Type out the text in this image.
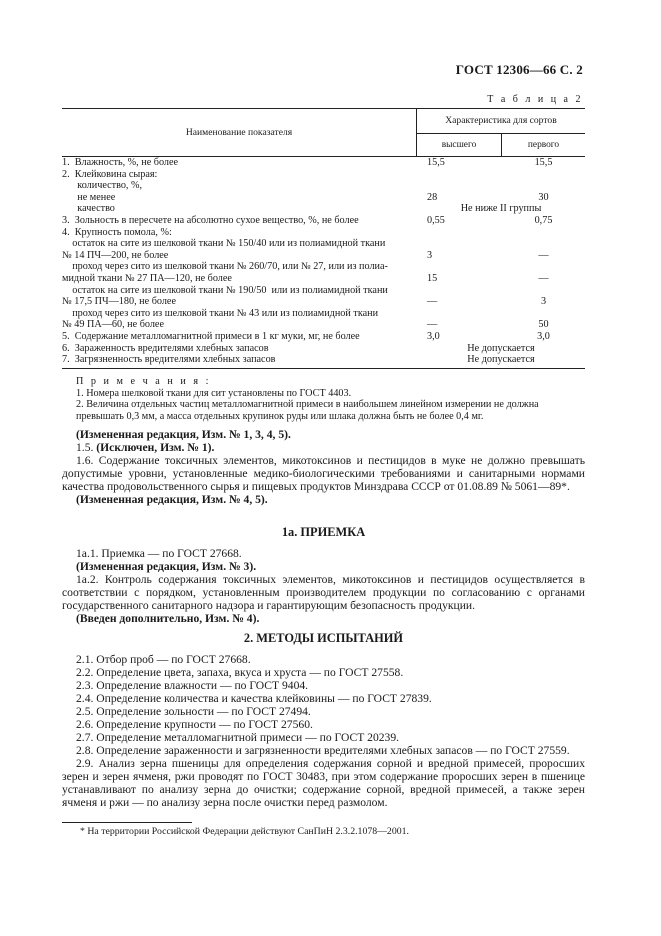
ГОСТ 12306—66 С. 2
Т а б л и ц а 2
Наименование показателя
Характеристика для сортов
высшего	первого
1.  Влажность, %, не более	15,5	15,5
2.  Клейковина сырая:
количество, %,
не менее	28	30
качество	Не ниже II группы
3.  Зольность в пересчете на абсолютно сухое вещество, %, не более	0,55	0,75
4.  Крупность помола, %:
остаток на сите из шелковой ткани № 150/40 или из полиамидной ткани
№ 14 ПЧ—200, не более	3	—
проход через сито из шелковой ткани № 260/70, или № 27, или из полиа-
мидной ткани № 27 ПА—120, не более	15	—
остаток на сите из шелковой ткани № 190/50  или из полиамидной ткани
№ 17,5 ПЧ—180, не более	—	3
проход через сито из шелковой ткани № 43 или из полиамидной ткани
№ 49 ПА—60, не более	—	50
5.  Содержание металломагнитной примеси в 1 кг муки, мг, не более	3,0	3,0
6.  Зараженность вредителями хлебных запасов	Не допускается
7.  Загрязненность вредителями хлебных запасов	Не допускается
П р и м е ч а н и я :
1. Номера шелковой ткани для сит установлены по ГОСТ 4403.
2. Величина отдельных частиц металломагнитной примеси в наибольшем линейном измерении не должна превышать 0,3 мм, а масса отдельных крупинок руды или шлака должна быть не более 0,4 мг.
(Измененная редакция, Изм. № 1, 3, 4, 5).
1.5. (Исключен, Изм. № 1).
1.6. Содержание токсичных элементов, микотоксинов и пестицидов в муке не должно превышать допустимые уровни, установленные медико-биологическими требованиями и санитарными нормами качества продовольственного сырья и пищевых продуктов Минздрава СССР от 01.08.89 № 5061—89*.
(Измененная редакция, Изм. № 4, 5).
1а. ПРИЕМКА
1а.1. Приемка — по ГОСТ 27668.
(Измененная редакция, Изм. № 3).
1а.2. Контроль содержания токсичных элементов, микотоксинов и пестицидов осуществляется в соответствии с порядком, установленным производителем продукции по согласованию с органами государственного санитарного надзора и гарантирующим безопасность продукции.
(Введен дополнительно, Изм. № 4).
2. МЕТОДЫ ИСПЫТАНИЙ
2.1. Отбор проб — по ГОСТ 27668.
2.2. Определение цвета, запаха, вкуса и хруста — по ГОСТ 27558.
2.3. Определение влажности — по ГОСТ 9404.
2.4. Определение количества и качества клейковины — по ГОСТ 27839.
2.5. Определение зольности — по ГОСТ 27494.
2.6. Определение крупности — по ГОСТ 27560.
2.7. Определение металломагнитной примеси — по ГОСТ 20239.
2.8. Определение зараженности и загрязненности вредителями хлебных запасов — по ГОСТ 27559.
2.9. Анализ зерна пшеницы для определения содержания сорной и вредной примесей, проросших зерен и зерен ячменя, ржи проводят по ГОСТ 30483, при этом содержание проросших зерен в пшенице устанавливают по анализу зерна до очистки; содержание сорной, вредной примесей, а также зерен ячменя и ржи — по анализу зерна после очистки перед размолом.
* На территории Российской Федерации действуют СанПиН 2.3.2.1078—2001.
